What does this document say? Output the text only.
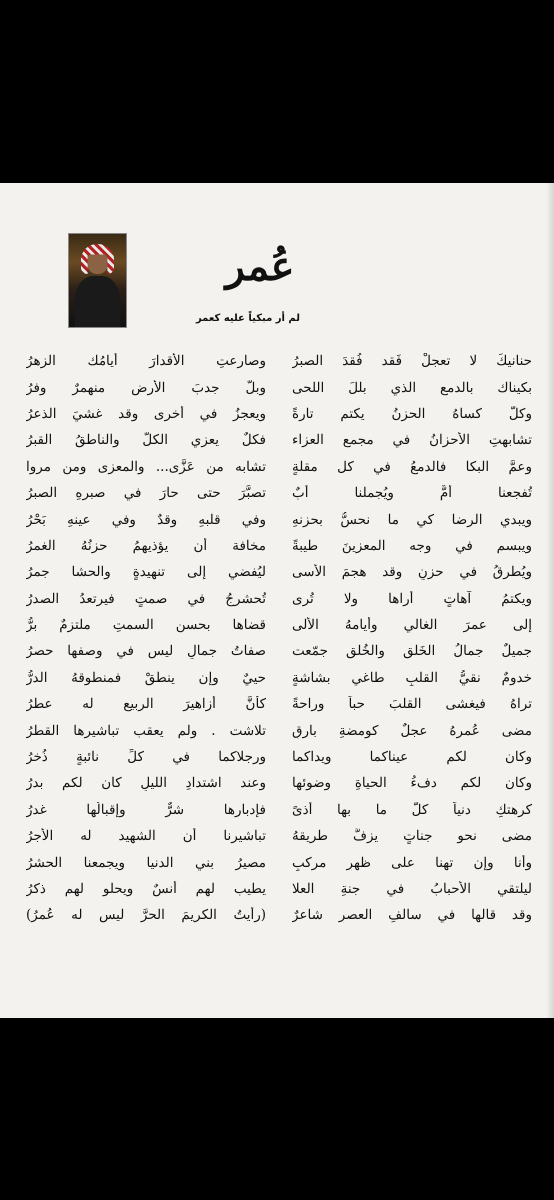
عُمر
لم أر مبكياً عليه كعمر
حنانيكَ لا تعجلْ فَقد فُقدَ الصبرُ
وصارعتِ الأقدارَ أيامُك الزهرُ
بكيناك بالدمعِ الذي بللَ اللحى
وبلَّ جدبَ الأرضِ منهمرٌ وفرُ
وكلٌّ كساهُ الحزنُ يكتم تارةً
ويعجزُ في أخرى وقد غشيَ الذعرُ
تشابهتِ الأحزانُ في مجمعِ العزاء
فكلٌ يعزي الكلَّ والناطقُ القبرُ
وعمَّ البكا فالدمعُ في كل مقلةٍ
تشابه من عَزَّى... والمعزى ومن مروا
تُفجعنا أمٌّ ويُجملنا أبٌ
تصبَّرَ حتى حارَ في صبرهِ الصبرُ
ويبدي الرضا كي ما نحسُّ بحزنهِ
وفي قلبهِ وقدٌ وفي عينهِ بَحْرُ
ويبسم في وجه المعزينَ طيبةً
مخافة أن يؤذيهمُ حزنُهُ الغمرُ
ويُطرقُ في حزنٍ وقد هجمَ الأسى
ليُفضي إلى تنهيدةٍ والحشا جمرُ
ويكتمُ آهاتٍ أراها ولا تُرى
تُحشرجُ في صمتٍ فيرتعدُ الصدرُ
إلى عمرَ الغالي وأيامهُ الأُلى
قضاها بحسنِ السمتِ ملتزمٌ برُّ
جميلٌ جمالُ الخَلقِ والخُلقِ جمّعت
صفاتُ جمالٍ ليس في وصفها حصرُ
خدومٌ نقيُّ القلبِ طاغي بشاشةٍ
حييٌ وإن ينطقْ فمنطوقهُ الدرُّ
تراهُ فيغشى القلبَ حباً وراحةً
كأنَّ أزاهيرَ الربيعِ له عطرُ
مضى عُمرهُ عجلٌ كومضةِ بارقٍ
تلاشت . ولم يعقب تباشيرها القطرُ
وكان لكم عيناكما ويداكما
ورجلاكما في كلِّ نائبةٍ ذُخرُ
وكان لكم دفءُ الحياةِ وضوئها
وعند اشتدادِ الليلِ كان لكم بدرُ
كرهتكِ دنياً كلٌّ ما بها أذىً
فإدبارها شرٌّ وإقبالُها غدرُ
مضى نحو جناتٍ يزفُّ طريقهُ
تباشيرنا أن الشهيد له الأجرُ
وأنا وإن تهنا على ظهرِ مركبٍ
مصيرُ بني الدنيا ويجمعنا الحشرُ
ليلتقي الأحبابُ في جنةِ العلا
يطيب لهم أنسٌ ويحلو لهم ذكرُ
وقد قالها في سالفِ العصرِ شاعرٌ
(رأيتُ الكريمَ الحرَّ ليس له عُمرُ)
